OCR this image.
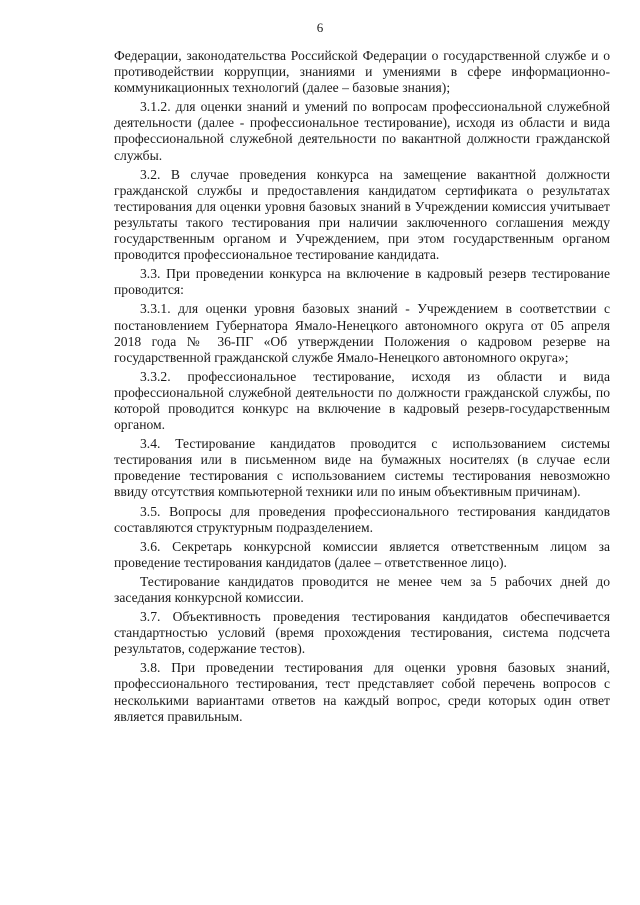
6

Федерации, законодательства Российской Федерации о государственной службе и о противодействии коррупции, знаниями и умениями в сфере информационно-коммуникационных технологий (далее – базовые знания);

3.1.2. для оценки знаний и умений по вопросам профессиональной служебной деятельности (далее - профессиональное тестирование), исходя из области и вида профессиональной служебной деятельности по вакантной должности гражданской службы.

3.2. В случае проведения конкурса на замещение вакантной должности гражданской службы и предоставления кандидатом сертификата о результатах тестирования для оценки уровня базовых знаний в Учреждении комиссия учитывает результаты такого тестирования при наличии заключенного соглашения между государственным органом и Учреждением, при этом государственным органом проводится профессиональное тестирование кандидата.

3.3. При проведении конкурса на включение в кадровый резерв тестирование проводится:

3.3.1. для оценки уровня базовых знаний - Учреждением в соответствии с постановлением Губернатора Ямало-Ненецкого автономного округа от 05 апреля 2018 года № 36-ПГ «Об утверждении Положения о кадровом резерве на государственной гражданской службе Ямало-Ненецкого автономного округа»;

3.3.2. профессиональное тестирование, исходя из области и вида профессиональной служебной деятельности по должности гражданской службы, по которой проводится конкурс на включение в кадровый резерв-государственным органом.

3.4. Тестирование кандидатов проводится с использованием системы тестирования или в письменном виде на бумажных носителях (в случае если проведение тестирования с использованием системы тестирования невозможно ввиду отсутствия компьютерной техники или по иным объективным причинам).

3.5. Вопросы для проведения профессионального тестирования кандидатов составляются структурным подразделением.

3.6. Секретарь конкурсной комиссии является ответственным лицом за проведение тестирования кандидатов (далее – ответственное лицо).

Тестирование кандидатов проводится не менее чем за 5 рабочих дней до заседания конкурсной комиссии.

3.7. Объективность проведения тестирования кандидатов обеспечивается стандартностью условий (время прохождения тестирования, система подсчета результатов, содержание тестов).

3.8. При проведении тестирования для оценки уровня базовых знаний, профессионального тестирования, тест представляет собой перечень вопросов с несколькими вариантами ответов на каждый вопрос, среди которых один ответ является правильным.
